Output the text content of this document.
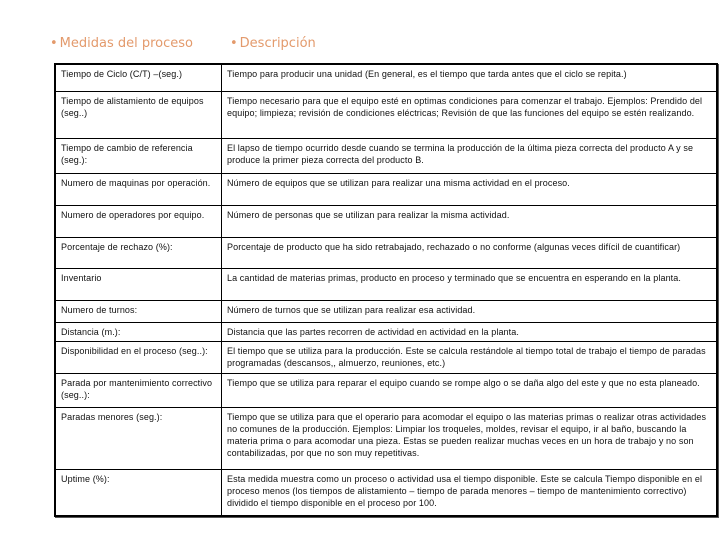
• Medidas del proceso	• Descripción
Tiempo de Ciclo (C/T) –(seg.)	Tiempo para producir una unidad (En general, es el tiempo que tarda antes que el ciclo se repita.)
Tiempo de alistamiento de equipos (seg..)	Tiempo necesario para que el equipo esté en optimas condiciones para comenzar el trabajo. Ejemplos: Prendido del equipo; limpieza; revisión de condiciones eléctricas; Revisión de que las funciones del equipo se estén realizando.
Tiempo de cambio de referencia (seg.):	El lapso de tiempo ocurrido desde cuando se termina la producción de la última pieza correcta del producto A y se produce la primer pieza correcta del producto B.
Numero de maquinas por operación.	Número de equipos que se utilizan para realizar una misma actividad en el proceso.
Numero de operadores por equipo.	Número de personas que se utilizan para realizar la misma actividad.
Porcentaje de rechazo (%):	Porcentaje de producto que ha sido retrabajado, rechazado o no conforme (algunas veces difícil de cuantificar)
Inventario	La cantidad de materias primas, producto en proceso y terminado que se encuentra en esperando en la planta.
Numero de turnos:	Número de turnos que se utilizan para realizar esa actividad.
Distancia (m.):	Distancia que las partes recorren de actividad en actividad en la planta.
Disponibilidad en el proceso (seg..):	El tiempo que se utiliza para la producción. Este se calcula restándole al tiempo total de trabajo el tiempo de paradas programadas (descansos,, almuerzo, reuniones, etc.)
Parada por mantenimiento correctivo (seg..):	Tiempo que se utiliza para reparar el equipo cuando se rompe algo o se daña algo del este y que no esta planeado.
Paradas menores (seg.):	Tiempo que se utiliza para que el operario para acomodar el equipo o las materias primas o realizar otras actividades no comunes de la producción. Ejemplos: Limpiar los troqueles, moldes, revisar el equipo, ir al baño, buscando la materia prima o para acomodar una pieza. Estas se pueden realizar muchas veces en un hora de trabajo y no son contabilizadas, por que no son muy repetitivas.
Uptime (%):	Esta medida muestra como un proceso o actividad usa el tiempo disponible. Este se calcula Tiempo disponible en el proceso menos (los tiempos de alistamiento – tiempo de parada menores – tiempo de mantenimiento correctivo) dividido el tiempo disponible en el proceso por 100.
